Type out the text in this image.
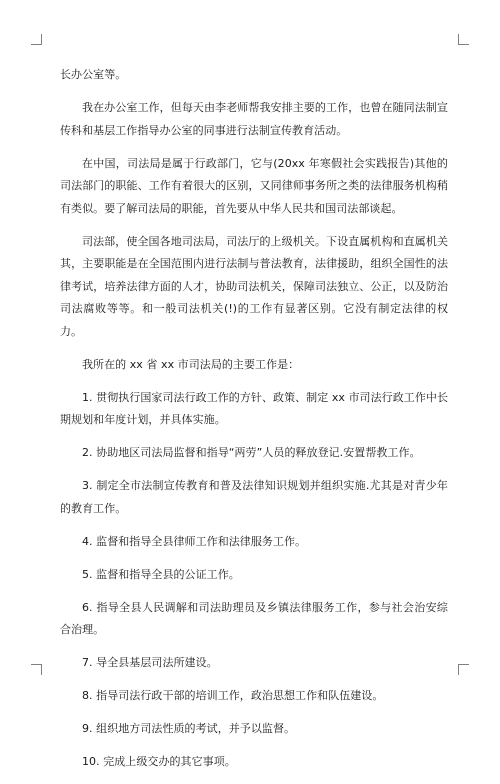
长办公室等。

我在办公室工作，但每天由李老师帮我安排主要的工作，也曾在随同法制宣传科和基层工作指导办公室的同事进行法制宣传教育活动。

在中国，司法局是属于行政部门，它与(20xx 年寒假社会实践报告)其他的司法部门的职能、工作有着很大的区别，又同律师事务所之类的法律服务机构稍有类似。要了解司法局的职能，首先要从中华人民共和国司法部谈起。

司法部，使全国各地司法局，司法厅的上级机关。下设直属机构和直属机关其，主要职能是在全国范围内进行法制与普法教育，法律援助，组织全国性的法律考试，培养法律方面的人才，协助司法机关，保障司法独立、公正，以及防治司法腐败等等。和一般司法机关(!)的工作有显著区别。它没有制定法律的权力。

我所在的 xx 省 xx 市司法局的主要工作是：

1. 贯彻执行国家司法行政工作的方针、政策、制定 xx 市司法行政工作中长期规划和年度计划，并具体实施。

2. 协助地区司法局监督和指导“两劳”人员的释放登记.安置帮教工作。

3. 制定全市法制宣传教育和普及法律知识规划并组织实施.尤其是对青少年的教育工作。

4. 监督和指导全县律师工作和法律服务工作。

5. 监督和指导全县的公证工作。

6. 指导全县人民调解和司法助理员及乡镇法律服务工作，参与社会治安综合治理。

7. 导全县基层司法所建设。

8. 指导司法行政干部的培训工作，政治思想工作和队伍建设。

9. 组织地方司法性质的考试，并予以监督。

10. 完成上级交办的其它事项。
